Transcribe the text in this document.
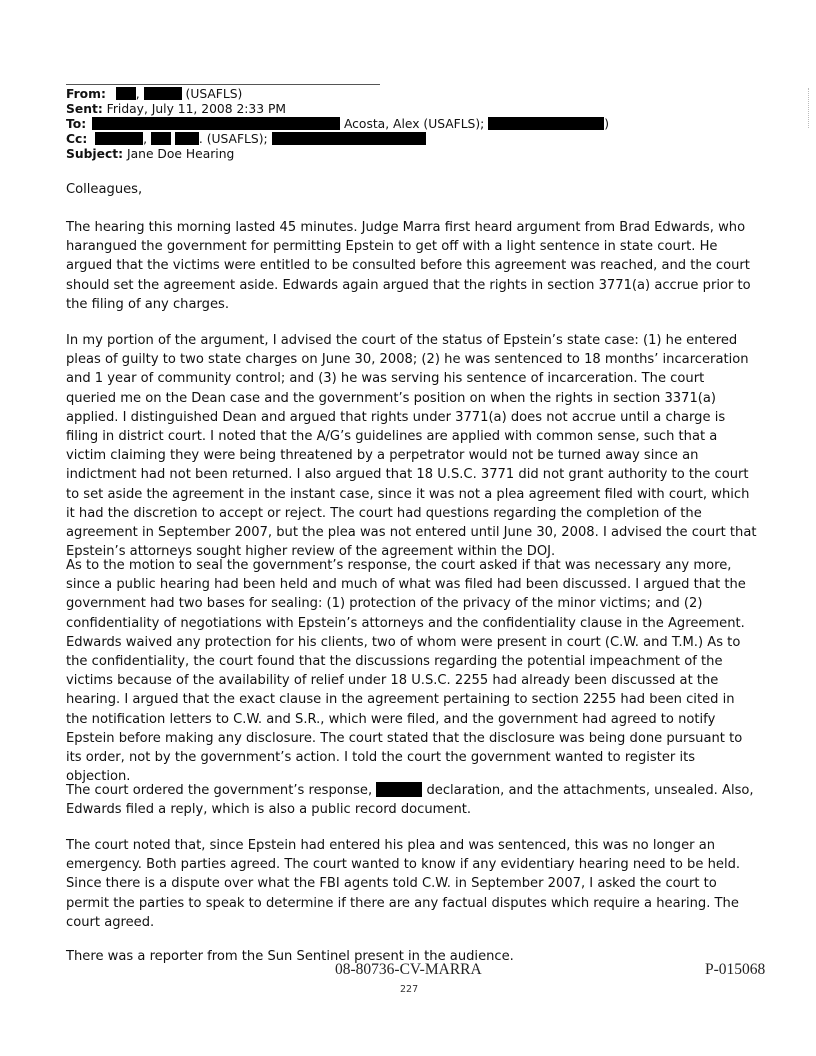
From: ,	(USAFLS)
Sent: Friday, July 11, 2008 2:33 PM
To:	Acosta, Alex (USAFLS);	)
Cc:	,	. (USAFLS);
Subject: Jane Doe Hearing

Colleagues,

The hearing this morning lasted 45 minutes. Judge Marra first heard argument from Brad Edwards, who harangued the government for permitting Epstein to get off with a light sentence in state court. He argued that the victims were entitled to be consulted before this agreement was reached, and the court should set the agreement aside. Edwards again argued that the rights in section 3771(a) accrue prior to the filing of any charges.

In my portion of the argument, I advised the court of the status of Epstein’s state case: (1) he entered pleas of guilty to two state charges on June 30, 2008; (2) he was sentenced to 18 months’ incarceration and 1 year of community control; and (3) he was serving his sentence of incarceration. The court queried me on the Dean case and the government’s position on when the rights in section 3371(a) applied. I distinguished Dean and argued that rights under 3771(a) does not accrue until a charge is filing in district court. I noted that the A/G’s guidelines are applied with common sense, such that a victim claiming they were being threatened by a perpetrator would not be turned away since an indictment had not been returned. I also argued that 18 U.S.C. 3771 did not grant authority to the court to set aside the agreement in the instant case, since it was not a plea agreement filed with court, which it had the discretion to accept or reject. The court had questions regarding the completion of the agreement in September 2007, but the plea was not entered until June 30, 2008. I advised the court that Epstein’s attorneys sought higher review of the agreement within the DOJ.

As to the motion to seal the government’s response, the court asked if that was necessary any more, since a public hearing had been held and much of what was filed had been discussed. I argued that the government had two bases for sealing: (1) protection of the privacy of the minor victims; and (2) confidentiality of negotiations with Epstein’s attorneys and the confidentiality clause in the Agreement. Edwards waived any protection for his clients, two of whom were present in court (C.W. and T.M.) As to the confidentiality, the court found that the discussions regarding the potential impeachment of the victims because of the availability of relief under 18 U.S.C. 2255 had already been discussed at the hearing. I argued that the exact clause in the agreement pertaining to section 2255 had been cited in the notification letters to C.W. and S.R., which were filed, and the government had agreed to notify Epstein before making any disclosure. The court stated that the disclosure was being done pursuant to its order, not by the government’s action. I told the court the government wanted to register its objection.

The court ordered the government’s response,	declaration, and the attachments, unsealed. Also, Edwards filed a reply, which is also a public record document.

The court noted that, since Epstein had entered his plea and was sentenced, this was no longer an emergency. Both parties agreed. The court wanted to know if any evidentiary hearing need to be held. Since there is a dispute over what the FBI agents told C.W. in September 2007, I asked the court to permit the parties to speak to determine if there are any factual disputes which require a hearing. The court agreed.

There was a reporter from the Sun Sentinel present in the audience.

08-80736-CV-MARRA	P-015068
227
